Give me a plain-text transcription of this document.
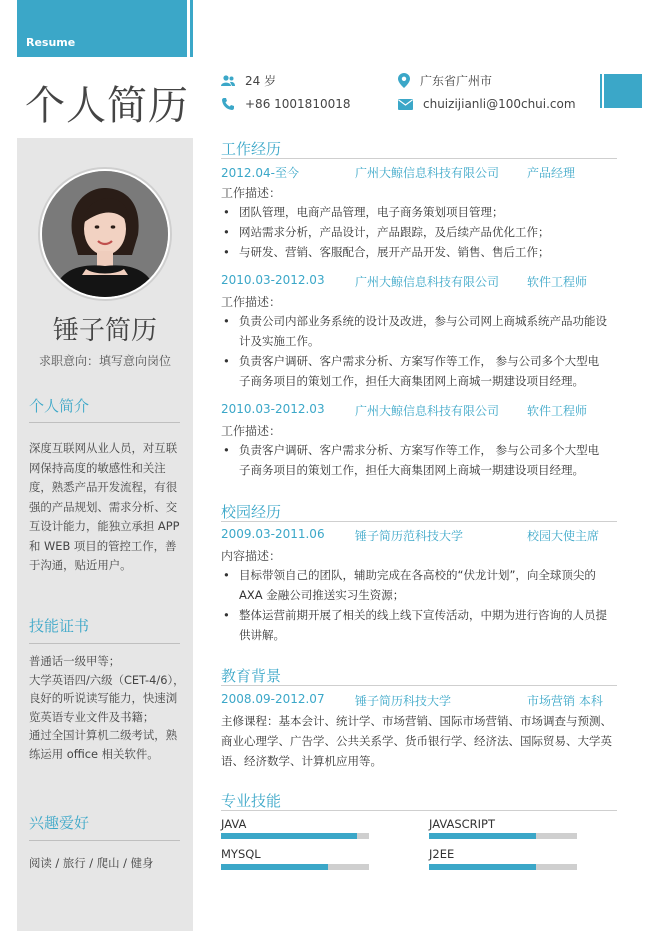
Resume
个人简历
24 岁
+86 1001810018
广东省广州市
chuizijianli@100chui.com
锤子简历
求职意向：填写意向岗位
个人简介
深度互联网从业人员，对互联
网保持高度的敏感性和关注
度，熟悉产品开发流程，有很
强的产品规划、需求分析、交
互设计能力，能独立承担 APP
和 WEB 项目的管控工作，善
于沟通，贴近用户。
技能证书
普通话一级甲等；
大学英语四/六级（CET-4/6），
良好的听说读写能力，快速浏
览英语专业文件及书籍；
通过全国计算机二级考试，熟
练运用 office 相关软件。
兴趣爱好
阅读 / 旅行 / 爬山 / 健身
工作经历
2012.04-至今	广州大鲸信息科技有限公司 产品经理
工作描述：
• 团队管理，电商产品管理，电子商务策划项目管理；
• 网站需求分析，产品设计，产品跟踪，及后续产品优化工作；
• 与研发、营销、客服配合，展开产品开发、销售、售后工作；
2010.03-2012.03	广州大鲸信息科技有限公司 软件工程师
工作描述：
• 负责公司内部业务系统的设计及改进，参与公司网上商城系统产品功能设
计及实施工作。
• 负责客户调研、客户需求分析、方案写作等工作， 参与公司多个大型电
子商务项目的策划工作，担任大商集团网上商城一期建设项目经理。
2010.03-2012.03	广州大鲸信息科技有限公司 软件工程师
工作描述：
• 负责客户调研、客户需求分析、方案写作等工作， 参与公司多个大型电
子商务项目的策划工作，担任大商集团网上商城一期建设项目经理。
校园经历
2009.03-2011.06	锤子简历范科技大学	校园大使主席
内容描述：
• 目标带领自己的团队，辅助完成在各高校的“伏龙计划”，向全球顶尖的
AXA 金融公司推送实习生资源；
• 整体运营前期开展了相关的线上线下宣传活动，中期为进行咨询的人员提
供讲解。
教育背景
2008.09-2012.07	锤子简历科技大学	市场营销 本科
主修课程：基本会计、统计学、市场营销、国际市场营销、市场调查与预测、
商业心理学、广告学、公共关系学、货币银行学、经济法、国际贸易、大学英
语、经济数学、计算机应用等。
专业技能
JAVA	JAVASCRIPT
MYSQL	J2EE
